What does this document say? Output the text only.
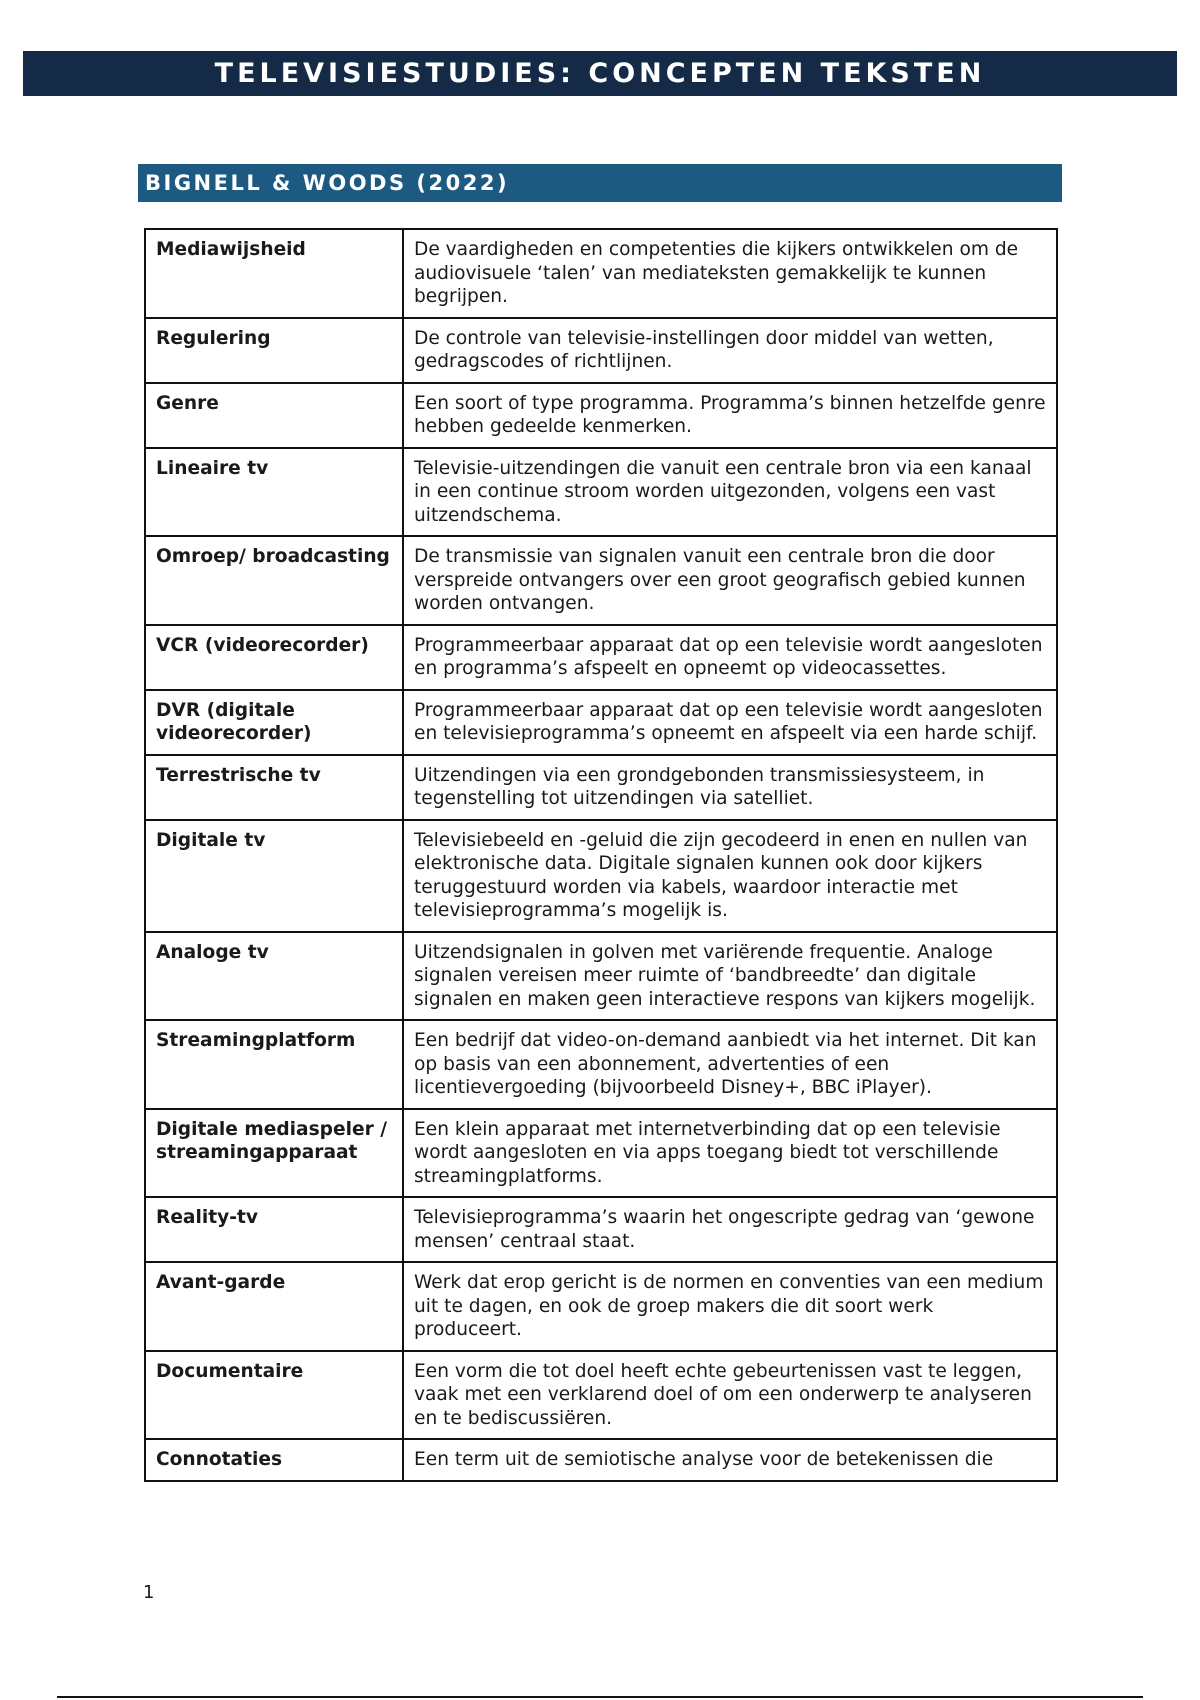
TELEVISIESTUDIES: CONCEPTEN TEKSTEN
BIGNELL & WOODS (2022)
Mediawijsheid	De vaardigheden en competenties die kijkers ontwikkelen om de audiovisuele ‘talen’ van mediateksten gemakkelijk te kunnen begrijpen.
Regulering	De controle van televisie-instellingen door middel van wetten, gedragscodes of richtlijnen.
Genre	Een soort of type programma. Programma’s binnen hetzelfde genre hebben gedeelde kenmerken.
Lineaire tv	Televisie-uitzendingen die vanuit een centrale bron via een kanaal in een continue stroom worden uitgezonden, volgens een vast uitzendschema.
Omroep/ broadcasting	De transmissie van signalen vanuit een centrale bron die door verspreide ontvangers over een groot geografisch gebied kunnen worden ontvangen.
VCR (videorecorder)	Programmeerbaar apparaat dat op een televisie wordt aangesloten en programma’s afspeelt en opneemt op videocassettes.
DVR (digitale videorecorder)	Programmeerbaar apparaat dat op een televisie wordt aangesloten en televisieprogramma’s opneemt en afspeelt via een harde schijf.
Terrestrische tv	Uitzendingen via een grondgebonden transmissiesysteem, in tegenstelling tot uitzendingen via satelliet.
Digitale tv	Televisiebeeld en -geluid die zijn gecodeerd in enen en nullen van elektronische data. Digitale signalen kunnen ook door kijkers teruggestuurd worden via kabels, waardoor interactie met televisieprogramma’s mogelijk is.
Analoge tv	Uitzendsignalen in golven met variërende frequentie. Analoge signalen vereisen meer ruimte of ‘bandbreedte’ dan digitale signalen en maken geen interactieve respons van kijkers mogelijk.
Streamingplatform	Een bedrijf dat video-on-demand aanbiedt via het internet. Dit kan op basis van een abonnement, advertenties of een licentievergoeding (bijvoorbeeld Disney+, BBC iPlayer).
Digitale mediaspeler / streamingapparaat	Een klein apparaat met internetverbinding dat op een televisie wordt aangesloten en via apps toegang biedt tot verschillende streamingplatforms.
Reality-tv	Televisieprogramma’s waarin het ongescripte gedrag van ‘gewone mensen’ centraal staat.
Avant-garde	Werk dat erop gericht is de normen en conventies van een medium uit te dagen, en ook de groep makers die dit soort werk produceert.
Documentaire	Een vorm die tot doel heeft echte gebeurtenissen vast te leggen, vaak met een verklarend doel of om een onderwerp te analyseren en te bediscussiëren.
Connotaties	Een term uit de semiotische analyse voor de betekenissen die
1
